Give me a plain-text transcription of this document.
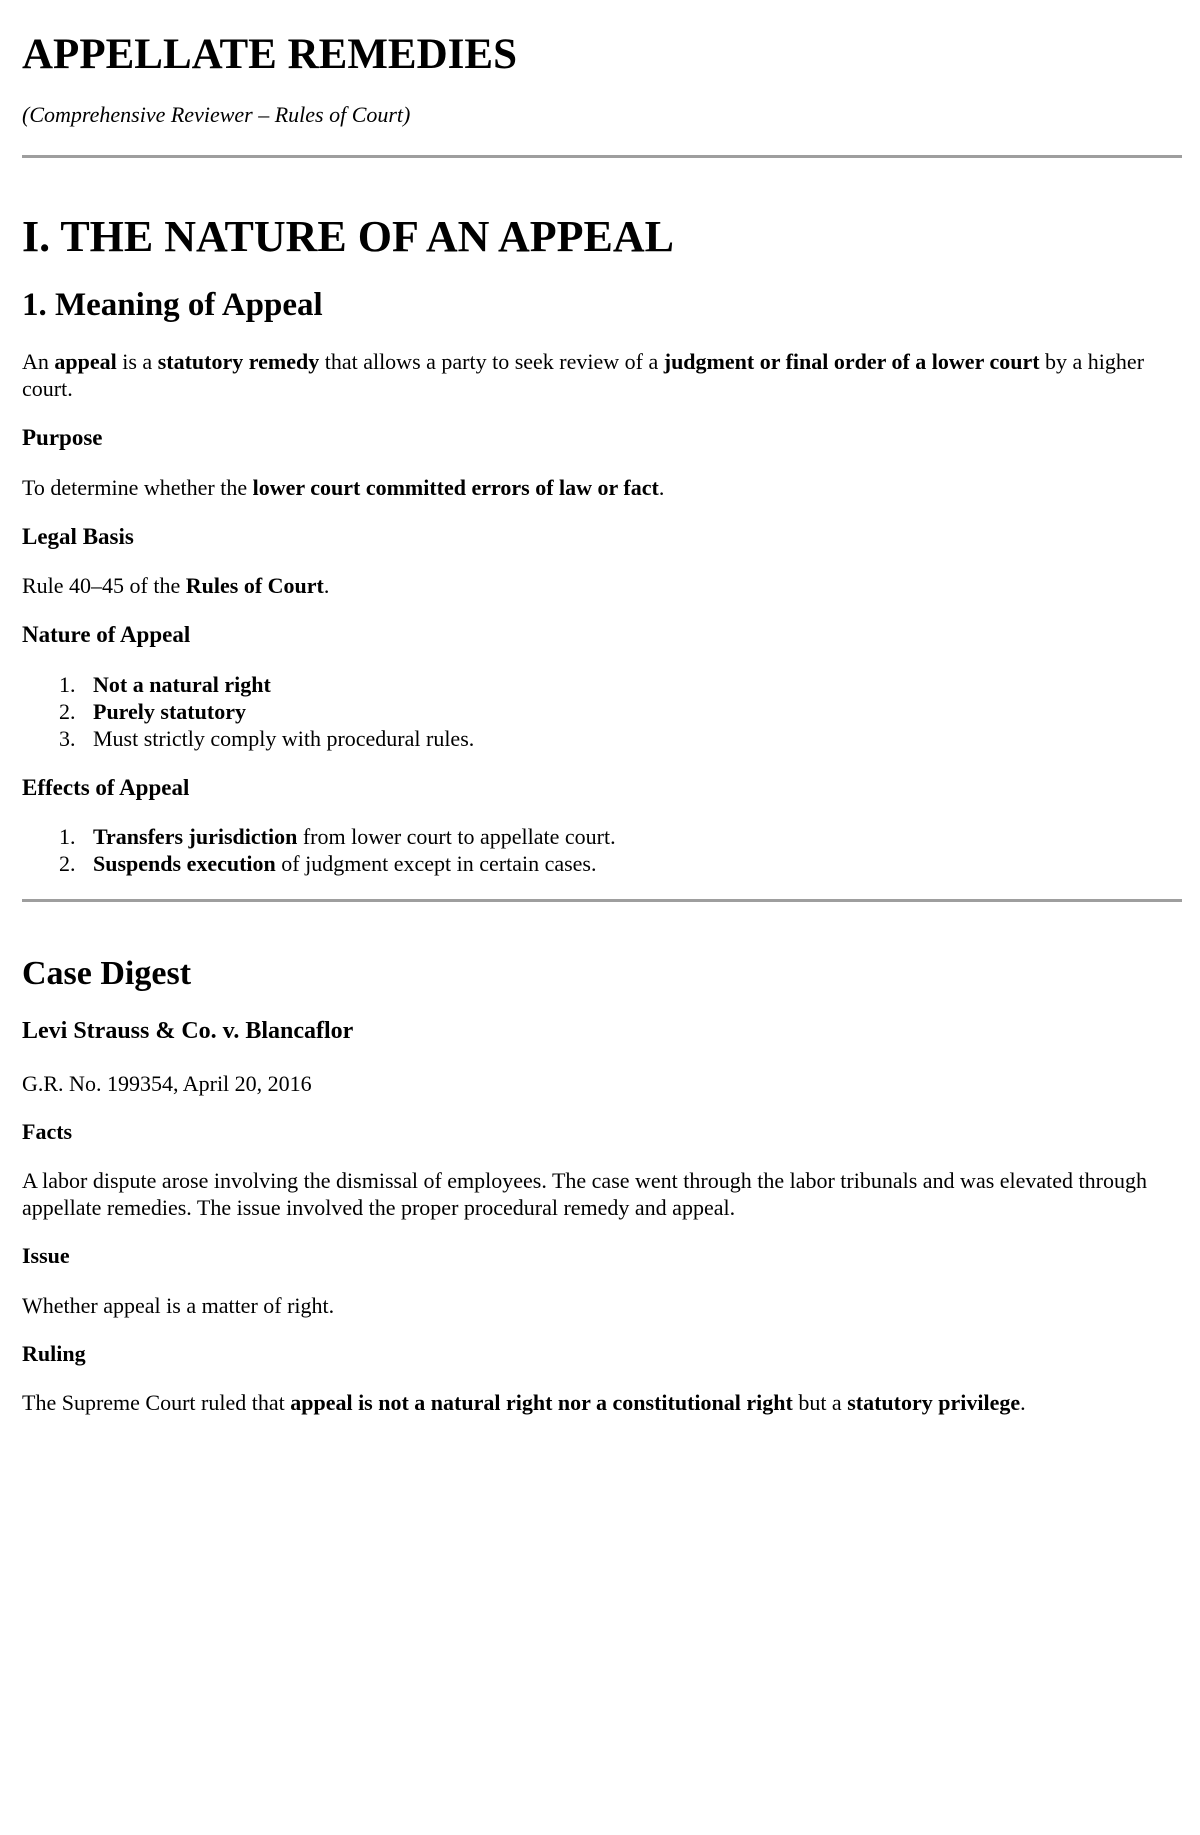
APPELLATE REMEDIES
(Comprehensive Reviewer – Rules of Court)
I. THE NATURE OF AN APPEAL
1. Meaning of Appeal

An appeal is a statutory remedy that allows a party to seek review of a judgment or final order of a lower court by a higher court.

Purpose

To determine whether the lower court committed errors of law or fact.

Legal Basis

Rule 40–45 of the Rules of Court.

Nature of Appeal
1. Not a natural right
2. Purely statutory
3. Must strictly comply with procedural rules.
Effects of Appeal
1. Transfers jurisdiction from lower court to appellate court.
2. Suspends execution of judgment except in certain cases.
Case Digest
Levi Strauss & Co. v. Blancaflor

G.R. No. 199354, April 20, 2016

Facts

A labor dispute arose involving the dismissal of employees. The case went through the labor tribunals and was elevated through appellate remedies. The issue involved the proper procedural remedy and appeal.

Issue

Whether appeal is a matter of right.

Ruling

The Supreme Court ruled that appeal is not a natural right nor a constitutional right but a statutory privilege.
